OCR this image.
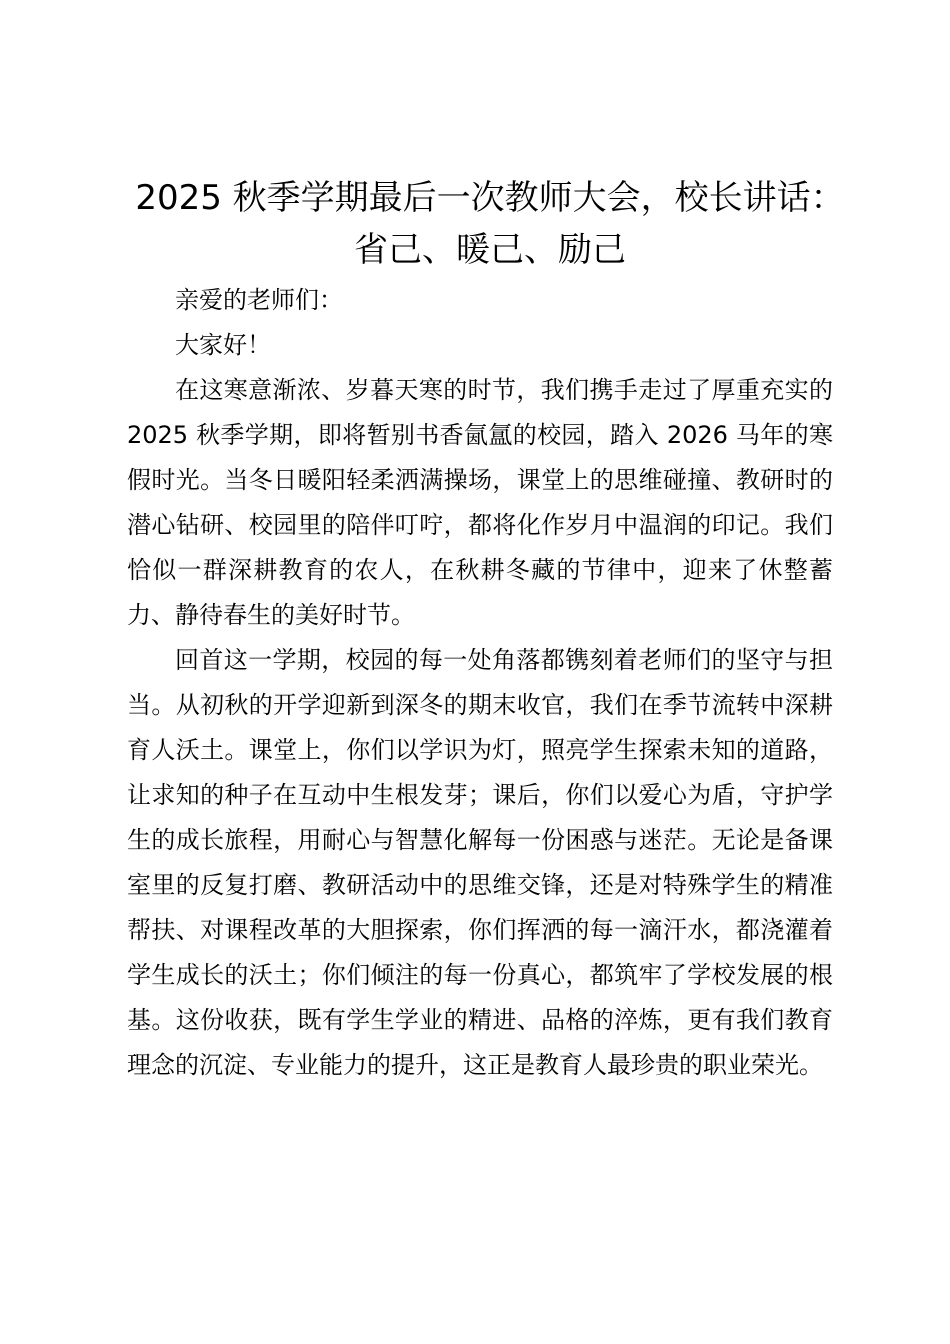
2025 秋季学期最后一次教师大会，校长讲话：
省己、暖己、励己

亲爱的老师们：

大家好！

在这寒意渐浓、岁暮天寒的时节，我们携手走过了厚重充实的 2025 秋季学期，即将暂别书香氤氲的校园，踏入 2026 马年的寒假时光。当冬日暖阳轻柔洒满操场，课堂上的思维碰撞、教研时的潜心钻研、校园里的陪伴叮咛，都将化作岁月中温润的印记。我们恰似一群深耕教育的农人，在秋耕冬藏的节律中，迎来了休整蓄力、静待春生的美好时节。

回首这一学期，校园的每一处角落都镌刻着老师们的坚守与担当。从初秋的开学迎新到深冬的期末收官，我们在季节流转中深耕育人沃土。课堂上，你们以学识为灯，照亮学生探索未知的道路，让求知的种子在互动中生根发芽；课后，你们以爱心为盾，守护学生的成长旅程，用耐心与智慧化解每一份困惑与迷茫。无论是备课室里的反复打磨、教研活动中的思维交锋，还是对特殊学生的精准帮扶、对课程改革的大胆探索，你们挥洒的每一滴汗水，都浇灌着学生成长的沃土；你们倾注的每一份真心，都筑牢了学校发展的根基。这份收获，既有学生学业的精进、品格的淬炼，更有我们教育理念的沉淀、专业能力的提升，这正是教育人最珍贵的职业荣光。
